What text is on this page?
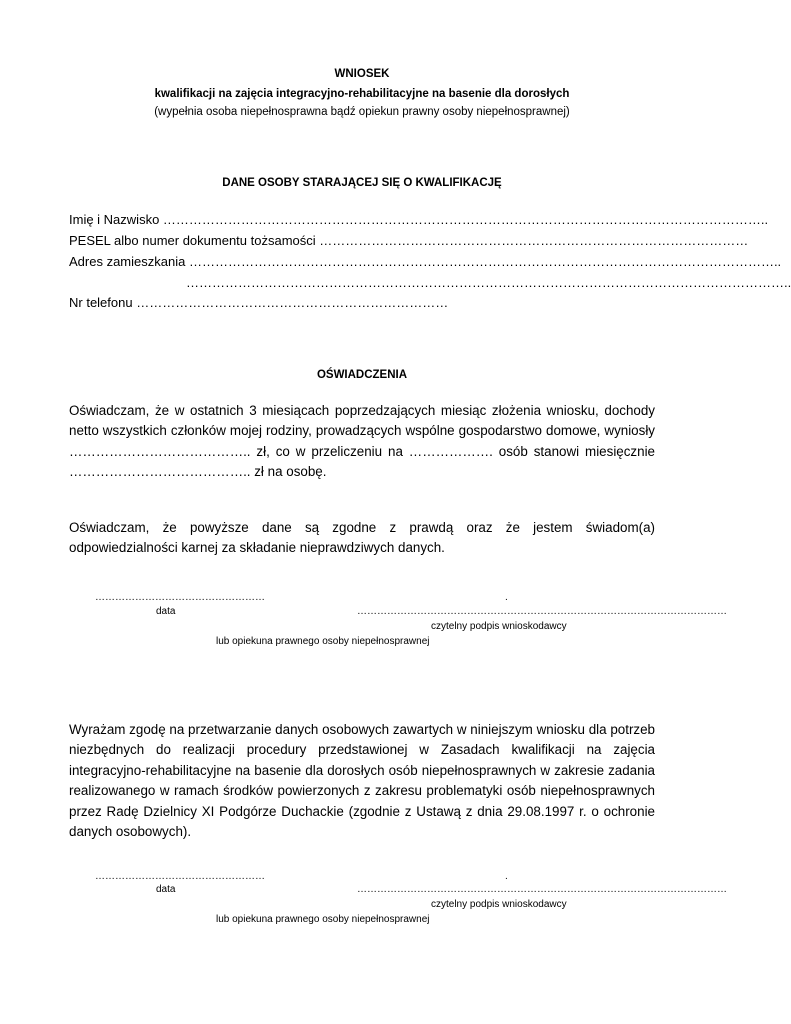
WNIOSEK
kwalifikacji na zajęcia integracyjno-rehabilitacyjne na basenie dla dorosłych
(wypełnia osoba niepełnosprawna bądź opiekun prawny osoby niepełnosprawnej)
DANE OSOBY STARAJĄCEJ SIĘ O KWALIFIKACJĘ
Imię i Nazwisko …………………………………………………………………………………………………………………………..
PESEL albo numer dokumentu tożsamości ………………………………………………………………………………………
Adres zamieszkania ………………………………………………………………………………………………………………………..
…………………………………………………………………………………………………………………………..
Nr telefonu ………………………………………………………………
OŚWIADCZENIA
Oświadczam, że w ostatnich 3 miesiącach poprzedzających miesiąc złożenia wniosku, dochody netto wszystkich członków mojej rodziny, prowadzących wspólne gospodarstwo domowe, wyniosły ………………………………….. zł, co w przeliczeniu na ………………. osób stanowi miesięcznie ………………………………….. zł na osobę.
Oświadczam, że powyższe dane są zgodne z prawdą oraz że jestem świadom(a) odpowiedzialności karnej za składanie nieprawdziwych danych.
……………………………………………	.
data	…………………………………………………………………………………………………
czytelny podpis wnioskodawcy
lub opiekuna prawnego osoby niepełnosprawnej
Wyrażam zgodę na przetwarzanie danych osobowych zawartych w niniejszym wniosku dla potrzeb niezbędnych do realizacji procedury przedstawionej w Zasadach kwalifikacji na zajęcia integracyjno-rehabilitacyjne na basenie dla dorosłych osób niepełnosprawnych w zakresie zadania realizowanego w ramach środków powierzonych z zakresu problematyki osób niepełnosprawnych przez Radę Dzielnicy XI Podgórze Duchackie (zgodnie z Ustawą z dnia 29.08.1997 r. o ochronie danych osobowych).
……………………………………………	.
data	…………………………………………………………………………………………………
czytelny podpis wnioskodawcy
lub opiekuna prawnego osoby niepełnosprawnej
